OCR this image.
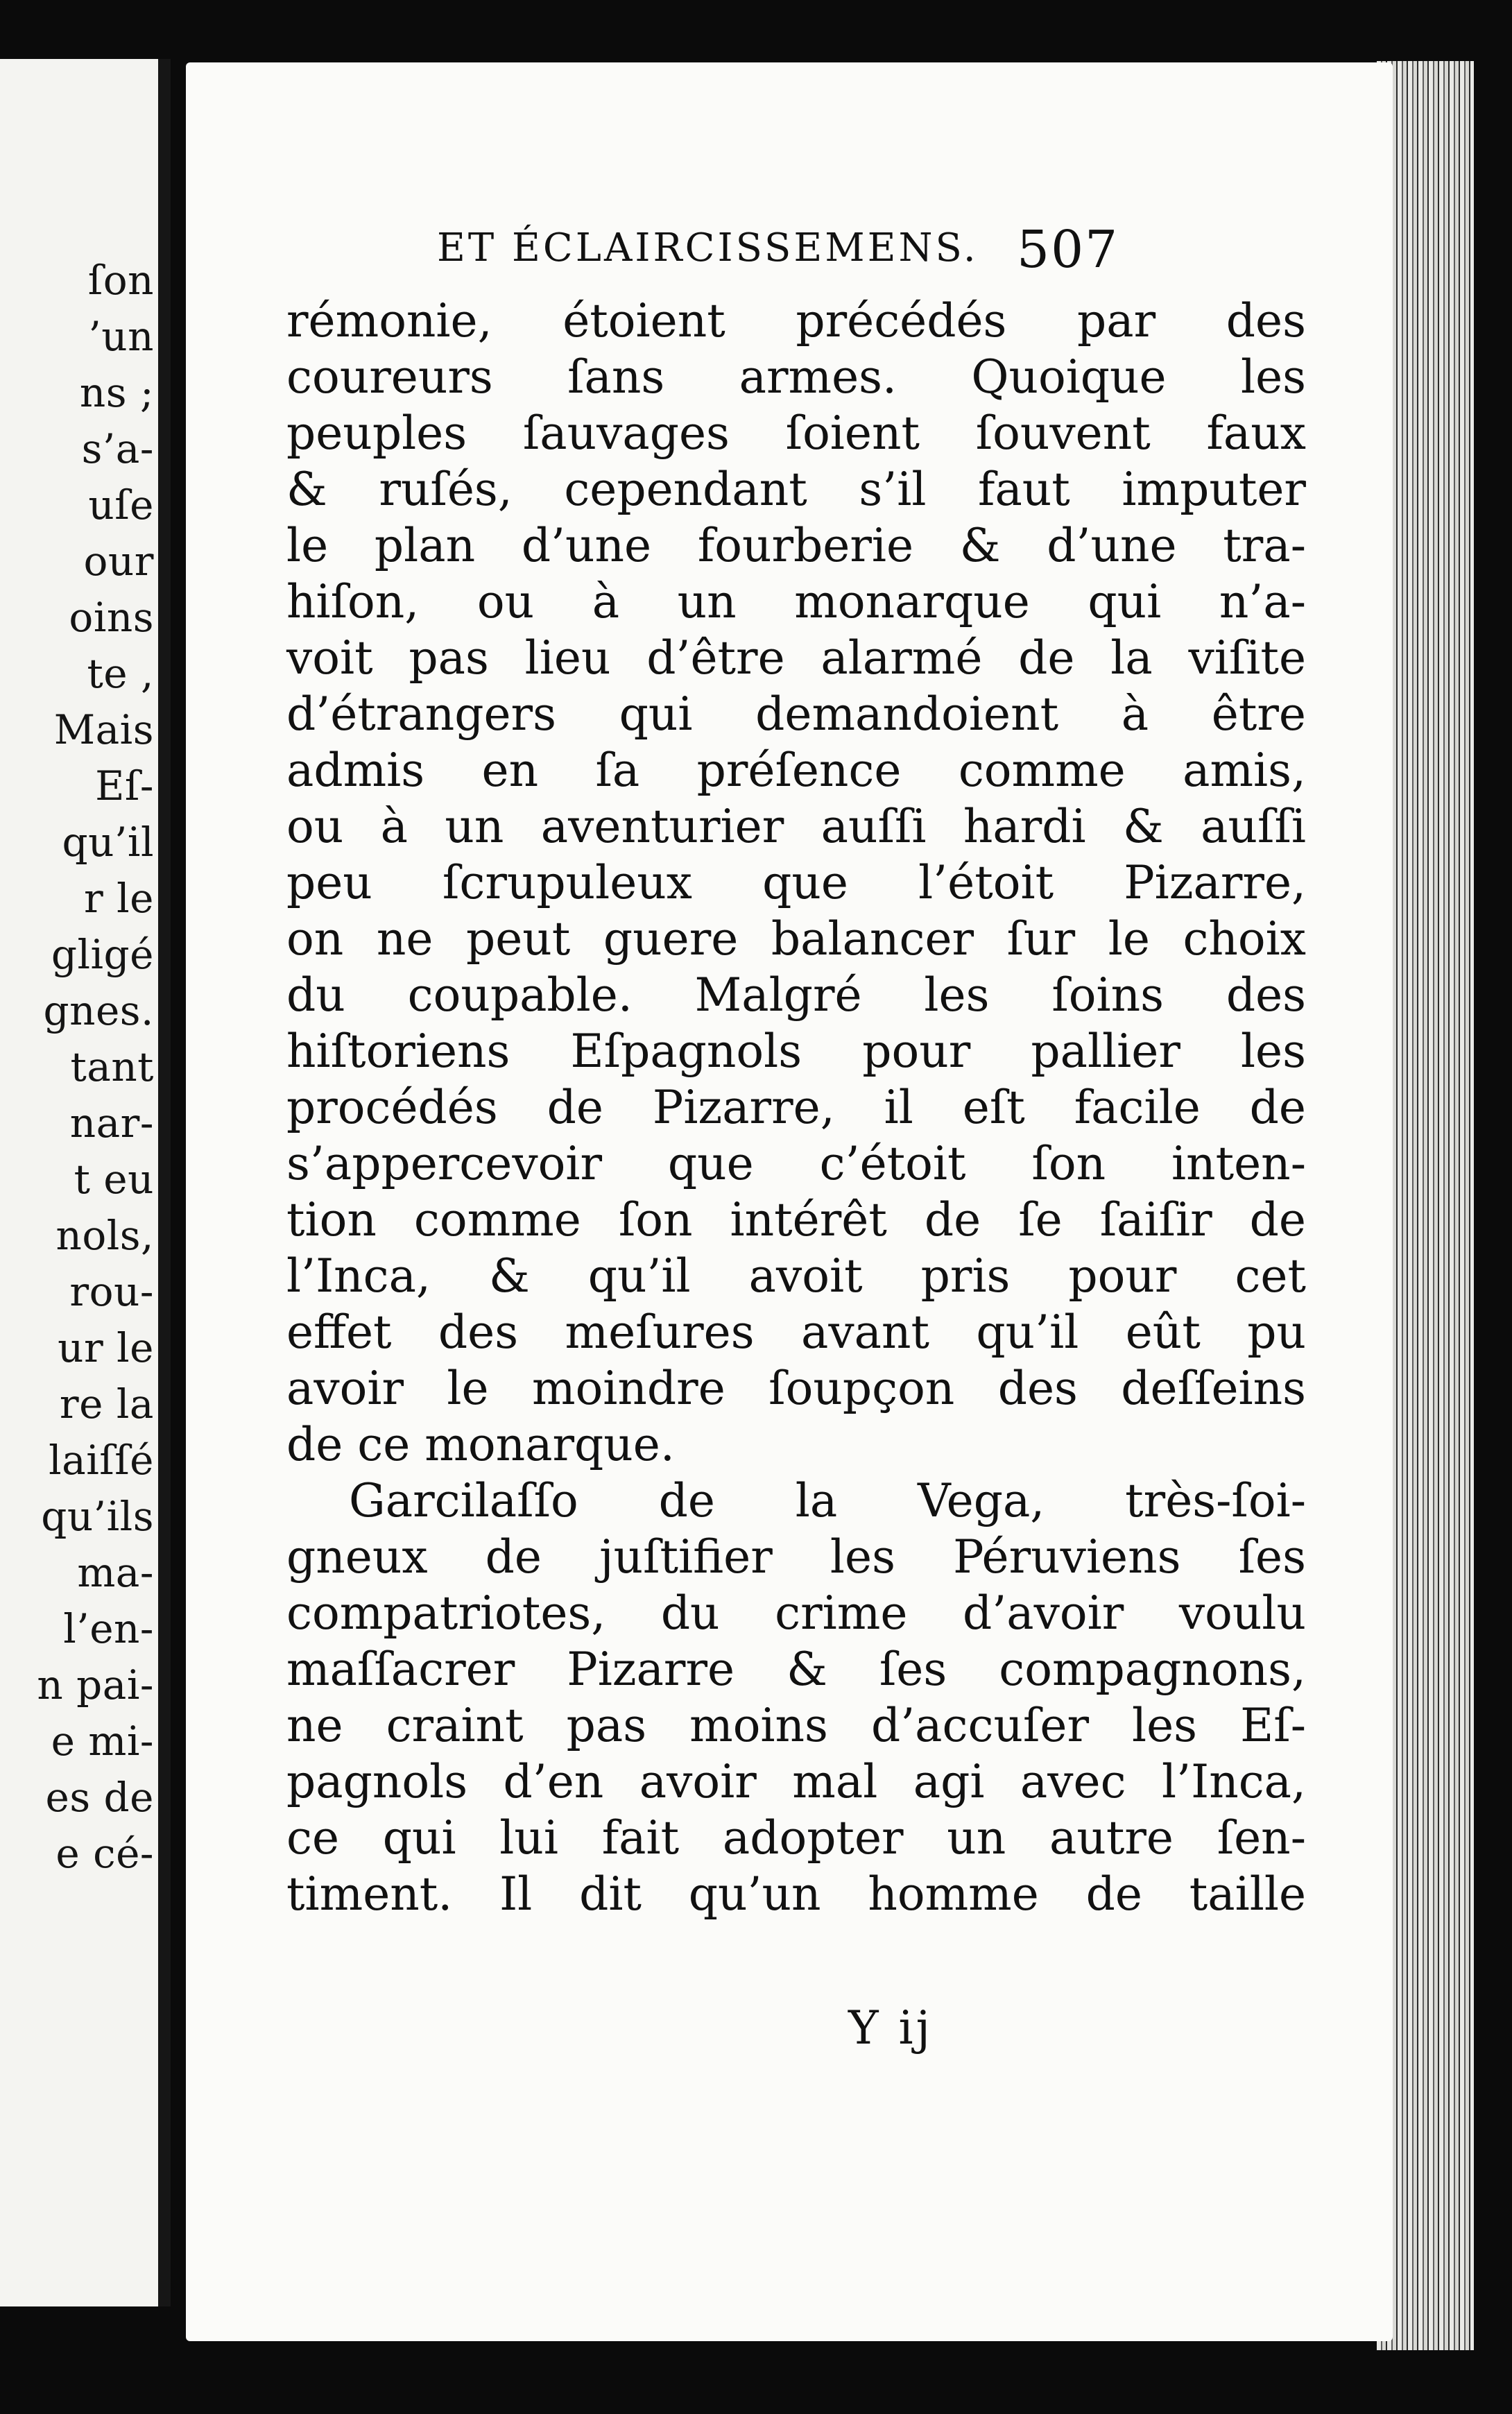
ſon
’un
ns ;
s’a-
uſe
our
oins
te ,
Mais
Eſ-
qu’il
r le
gligé
gnes.
tant
nar-
t eu
nols,
rou-
ur le
re la
laiſſé
qu’ils
ma-
l’en-
n pai-
e mi-
es de
e cé-
ET ÉCLAIRCISSEMENS. 507
rémonie, étoient précédés par des
coureurs ſans armes. Quoique les
peuples ſauvages ſoient ſouvent faux
& ruſés, cependant s’il faut imputer
le plan d’une fourberie & d’une tra-
hiſon, ou à un monarque qui n’a-
voit pas lieu d’être alarmé de la viſite
d’étrangers qui demandoient à être
admis en ſa préſence comme amis,
ou à un aventurier auſſi hardi & auſſi
peu ſcrupuleux que l’étoit Pizarre,
on ne peut guere balancer ſur le choix
du coupable. Malgré les ſoins des
hiſtoriens Eſpagnols pour pallier les
procédés de Pizarre, il eſt facile de
s’appercevoir que c’étoit ſon inten-
tion comme ſon intérêt de ſe ſaiſir de
l’Inca, & qu’il avoit pris pour cet
effet des meſures avant qu’il eût pu
avoir le moindre ſoupçon des deſſeins
de ce monarque.
Garcilaſſo de la Vega, très-ſoi-
gneux de juſtifier les Péruviens ſes
compatriotes, du crime d’avoir voulu
maſſacrer Pizarre & ſes compagnons,
ne craint pas moins d’accuſer les Eſ-
pagnols d’en avoir mal agi avec l’Inca,
ce qui lui fait adopter un autre ſen-
timent. Il dit qu’un homme de taille
Y ij
